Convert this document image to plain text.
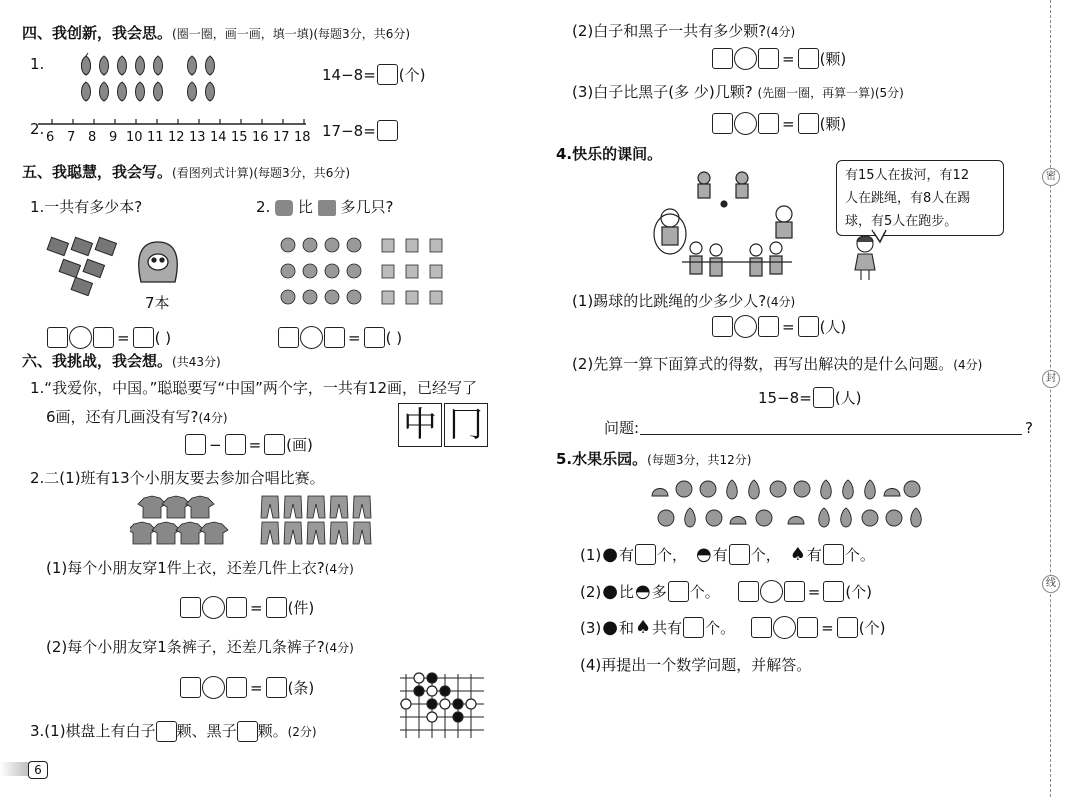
四、我创新，我会思。(圈一圈，画一画，填一填)(每题3分，共6分)
1.
14−8= (个)
2. 6 7 8 9 10 11 12 13 14 15 16 17 18 17−8=
五、我聪慧，我会写。(看图列式计算)(每题3分，共6分)
1.一共有多少本?	2. 比 多几只?
7本
= ( )	= ( )
六、我挑战，我会想。(共43分)
1.“我爱你，中国。”聪聪要写“中国”两个字，一共有12画，已经写了
6画，还有几画没有写?(4分)
− = (画)	中 冂
2.二(1)班有13个小朋友要去参加合唱比赛。
(1)每个小朋友穿1件上衣，还差几件上衣?(4分)
= (件)
(2)每个小朋友穿1条裤子，还差几条裤子?(4分)
= (条)
3.(1)棋盘上有白子 颗、黑子 颗。(2分)
6
(2)白子和黑子一共有多少颗?(4分)
= (颗)
(3)白子比黑子(多 少)几颗? (先圈一圈，再算一算)(5分)
= (颗)
4.快乐的课间。
有15人在拔河，有12
人在跳绳，有8人在踢
球，有5人在跑步。
(1)踢球的比跳绳的少多少人?(4分)
= (人)
(2)先算一算下面算式的得数，再写出解决的是什么问题。(4分)
15−8= (人)
问题:	?
5.水果乐园。(每题3分，共12分)
(1) ● 有 个， ◓ 有 个， ♠ 有 个。
(2) ● 比 ◓ 多 个。	= (个)
(3) ● 和 ♠ 共有 个。	= (个)
(4)再提出一个数学问题，并解答。
密
封
线
